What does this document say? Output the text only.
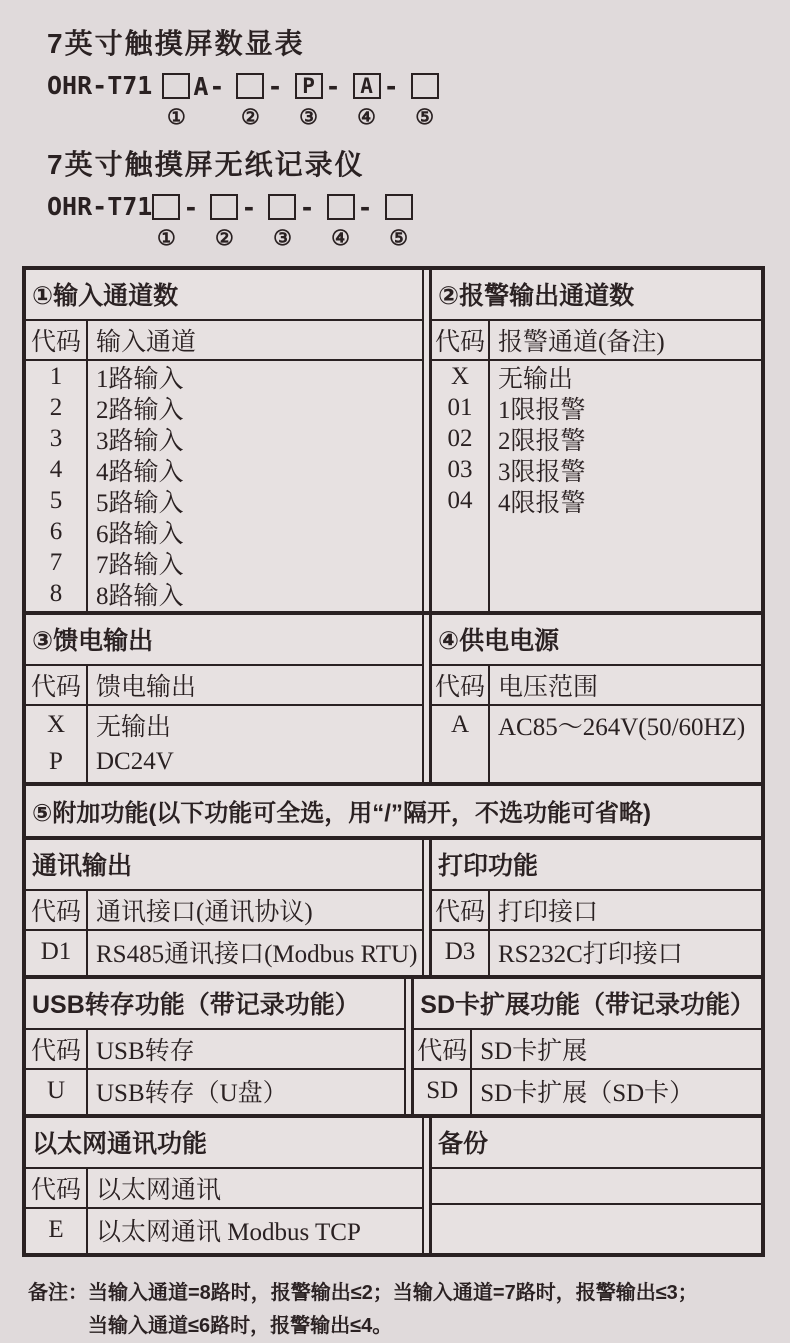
7英寸触摸屏数显表
OHR-T71 A-
①
-
②
P -
③
A -
④ ⑤
7英寸触摸屏无纸记录仪
OHR-T71 -
①
-
②
-
③
-
④ ⑤
①输入通道数
代码 输入通道
1	1路输入
2	2路输入
3	3路输入
4	4路输入
5	5路输入
6	6路输入
7	7路输入
8	8路输入
②报警输出通道数
代码 报警通道(备注)
X	无输出
01	1限报警
02	2限报警
03	3限报警
04	4限报警
③馈电输出
代码 馈电输出
X	无输出
P	DC24V
④供电电源
代码 电压范围
A	AC85～264V(50/60HZ)
⑤附加功能(以下功能可全选，用“/”隔开，不选功能可省略)
通讯输出
代码 通讯接口(通讯协议)
D1 RS485通讯接口(Modbus RTU)
打印功能
代码 打印接口
D3 RS232C打印接口
USB转存功能（带记录功能）
代码 USB转存
U	USB转存（U盘）
SD卡扩展功能（带记录功能）
代码 SD卡扩展
SD SD卡扩展（SD卡）
以太网通讯功能
代码 以太网通讯
E	以太网通讯 Modbus TCP
备份
备注： 当输入通道=8路时，报警输出≤2；当输入通道=7路时，报警输出≤3；
当输入通道≤6路时，报警输出≤4。
